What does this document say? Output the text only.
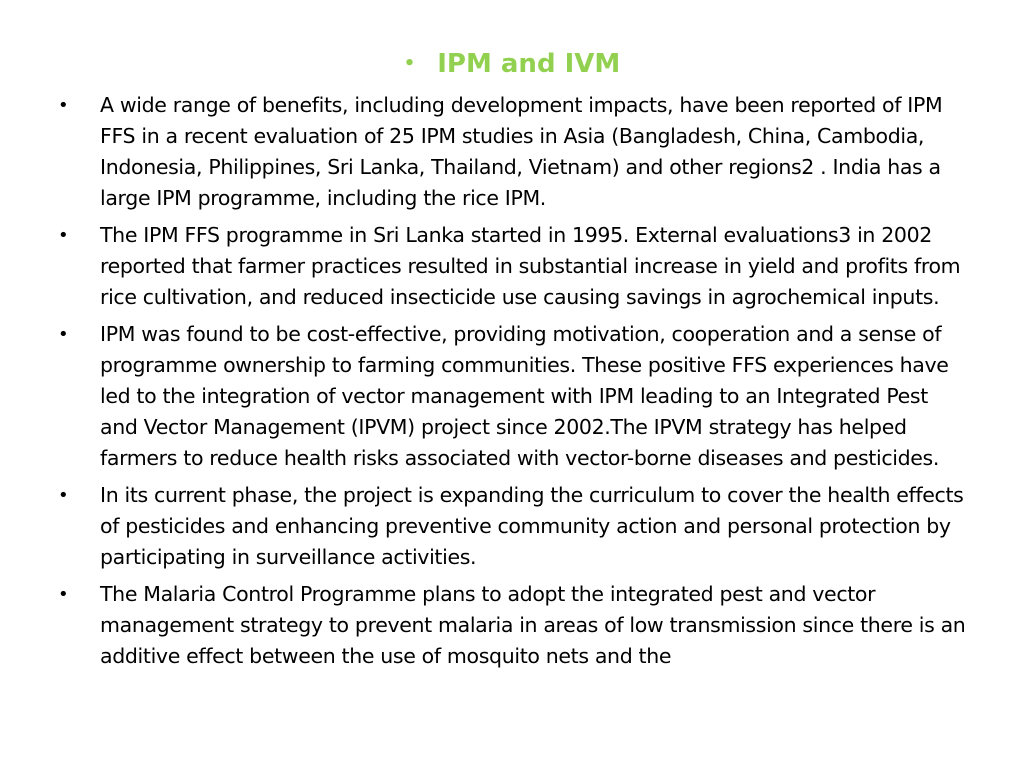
• IPM and IVM
• A wide range of benefits, including development impacts, have been reported of IPM FFS in a recent evaluation of 25 IPM studies in Asia (Bangladesh, China, Cambodia, Indonesia, Philippines, Sri Lanka, Thailand, Vietnam) and other regions2 . India has a large IPM programme, including the rice IPM.
• The IPM FFS programme in Sri Lanka started in 1995. External evaluations3 in 2002 reported that farmer practices resulted in substantial increase in yield and profits from rice cultivation, and reduced insecticide use causing savings in agrochemical inputs.
• IPM was found to be cost-effective, providing motivation, cooperation and a sense of programme ownership to farming communities. These positive FFS experiences have led to the integration of vector management with IPM leading to an Integrated Pest and Vector Management (IPVM) project since 2002.The IPVM strategy has helped farmers to reduce health risks associated with vector-borne diseases and pesticides.
• In its current phase, the project is expanding the curriculum to cover the health effects of pesticides and enhancing preventive community action and personal protection by participating in surveillance activities.
• The Malaria Control Programme plans to adopt the integrated pest and vector management strategy to prevent malaria in areas of low transmission since there is an additive effect between the use of mosquito nets and the
